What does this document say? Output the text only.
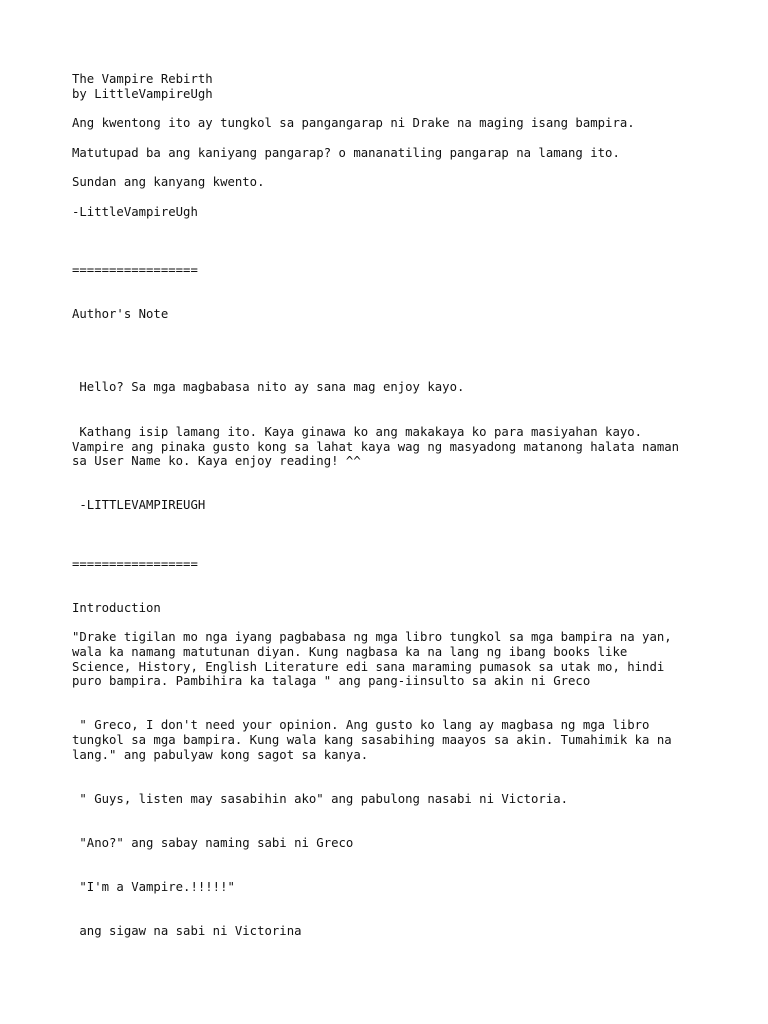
The Vampire Rebirth

by LittleVampireUgh

Ang kwentong ito ay tungkol sa pangangarap ni Drake na maging isang bampira.

Matutupad ba ang kaniyang pangarap? o mananatiling pangarap na lamang ito.

Sundan ang kanyang kwento.

-LittleVampireUgh

=================

Author's Note

Hello? Sa mga magbabasa nito ay sana mag enjoy kayo.

Kathang isip lamang ito. Kaya ginawa ko ang makakaya ko para masiyahan kayo.

Vampire ang pinaka gusto kong sa lahat kaya wag ng masyadong matanong halata naman

sa User Name ko. Kaya enjoy reading! ^^

-LITTLEVAMPIREUGH

=================

Introduction

"Drake tigilan mo nga iyang pagbabasa ng mga libro tungkol sa mga bampira na yan,

wala ka namang matutunan diyan. Kung nagbasa ka na lang ng ibang books like

Science, History, English Literature edi sana maraming pumasok sa utak mo, hindi

puro bampira. Pambihira ka talaga " ang pang-iinsulto sa akin ni Greco

" Greco, I don't need your opinion. Ang gusto ko lang ay magbasa ng mga libro

tungkol sa mga bampira. Kung wala kang sasabihing maayos sa akin. Tumahimik ka na

lang." ang pabulyaw kong sagot sa kanya.

" Guys, listen may sasabihin ako" ang pabulong nasabi ni Victoria.

"Ano?" ang sabay naming sabi ni Greco

"I'm a Vampire.!!!!!"

ang sigaw na sabi ni Victorina
